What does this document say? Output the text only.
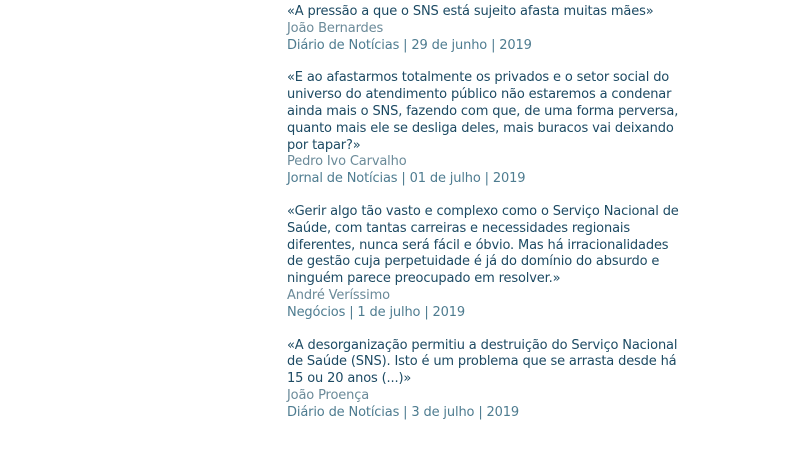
«A pressão a que o SNS está sujeito afasta muitas mães»

João Bernardes

Diário de Notícias | 29 de junho | 2019

«E ao afastarmos totalmente os privados e o setor social do universo do atendimento público não estaremos a condenar ainda mais o SNS, fazendo com que, de uma forma perversa, quanto mais ele se desliga deles, mais buracos vai deixando por tapar?»

Pedro Ivo Carvalho

Jornal de Notícias | 01 de julho | 2019

«Gerir algo tão vasto e complexo como o Serviço Nacional de Saúde, com tantas carreiras e necessidades regionais diferentes, nunca será fácil e óbvio. Mas há irracionalidades de gestão cuja perpetuidade é já do domínio do absurdo e ninguém parece preocupado em resolver.»

André Veríssimo

Negócios | 1 de julho | 2019

«A desorganização permitiu a destruição do Serviço Nacional de Saúde (SNS). Isto é um problema que se arrasta desde há 15 ou 20 anos (...)»

João Proença

Diário de Notícias | 3 de julho | 2019
